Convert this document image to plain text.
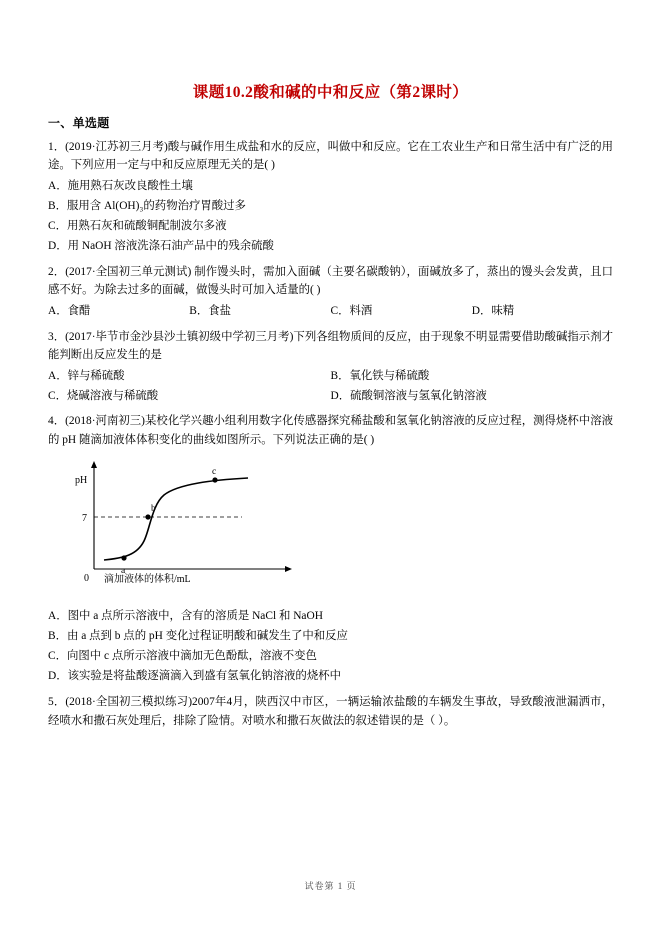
课题10.2酸和碱的中和反应（第2课时）
一、单选题
1．(2019·江苏初三月考)酸与碱作用生成盐和水的反应，叫做中和反应。它在工农业生产和日常生活中有广泛的用途。下列应用一定与中和反应原理无关的是( )
A．施用熟石灰改良酸性土壤
B．服用含 Al(OH)₃的药物治疗胃酸过多
C．用熟石灰和硫酸铜配制波尔多液
D．用 NaOH 溶液洗涤石油产品中的残余硫酸
2．(2017·全国初三单元测试) 制作馒头时，需加入面碱（主要名碳酸钠），面碱放多了，蒸出的馒头会发黄，且口感不好。为除去过多的面碱，做馒头时可加入适量的( )
A．食醋	B．食盐	C．料酒	D．味精
3．(2017·毕节市金沙县沙土镇初级中学初三月考)下列各组物质间的反应，由于现象不明显需要借助酸碱指示剂才能判断出反应发生的是
A．锌与稀硫酸	B．氧化铁与稀硫酸
C．烧碱溶液与稀硫酸	D．硫酸铜溶液与氢氧化钠溶液
4．(2018·河南初三)某校化学兴趣小组利用数字化传感器探究稀盐酸和氢氧化钠溶液的反应过程，测得烧杯中溶液的 pH 随滴加液体体积变化的曲线如图所示。下列说法正确的是( )
pH
7
0
a
b
c
滴加液体的体积/mL
A．图中 a 点所示溶液中，含有的溶质是 NaCl 和 NaOH
B．由 a 点到 b 点的 pH 变化过程证明酸和碱发生了中和反应
C．向图中 c 点所示溶液中滴加无色酚酞，溶液不变色
D．该实验是将盐酸逐滴滴入到盛有氢氧化钠溶液的烧杯中
5．(2018·全国初三模拟练习)2007年4月，陕西汉中市区，一辆运输浓盐酸的车辆发生事故，导致酸液泄漏洒市，经喷水和撒石灰处理后，排除了险情。对喷水和撒石灰做法的叙述错误的是（ ）。
试卷第 1 页
